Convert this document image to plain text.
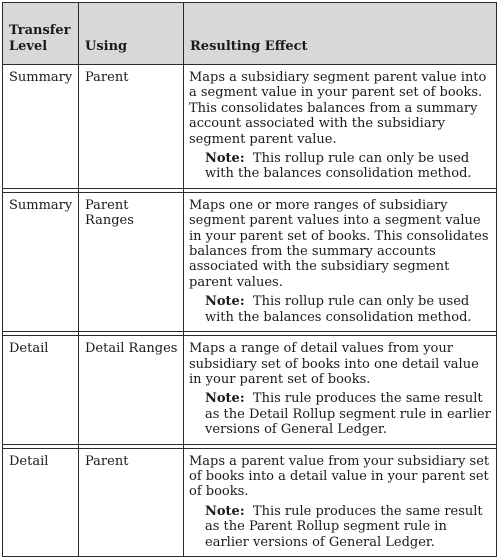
Transfer
Level	Using	Resulting Effect

Summary	Parent	Maps a subsidiary segment parent value into a segment value in your parent set of books. This consolidates balances from a summary account associated with the subsidiary segment parent value.
Note: This rollup rule can only be used with the balances consolidation method.

Summary	Parent Ranges	Maps one or more ranges of subsidiary segment parent values into a segment value in your parent set of books. This consolidates balances from the summary accounts associated with the subsidiary segment parent values.
Note: This rollup rule can only be used with the balances consolidation method.

Detail	Detail Ranges	Maps a range of detail values from your subsidiary set of books into one detail value in your parent set of books.
Note: This rule produces the same result as the Detail Rollup segment rule in earlier versions of General Ledger.

Detail	Parent	Maps a parent value from your subsidiary set of books into a detail value in your parent set of books.
Note: This rule produces the same result as the Parent Rollup segment rule in earlier versions of General Ledger.
